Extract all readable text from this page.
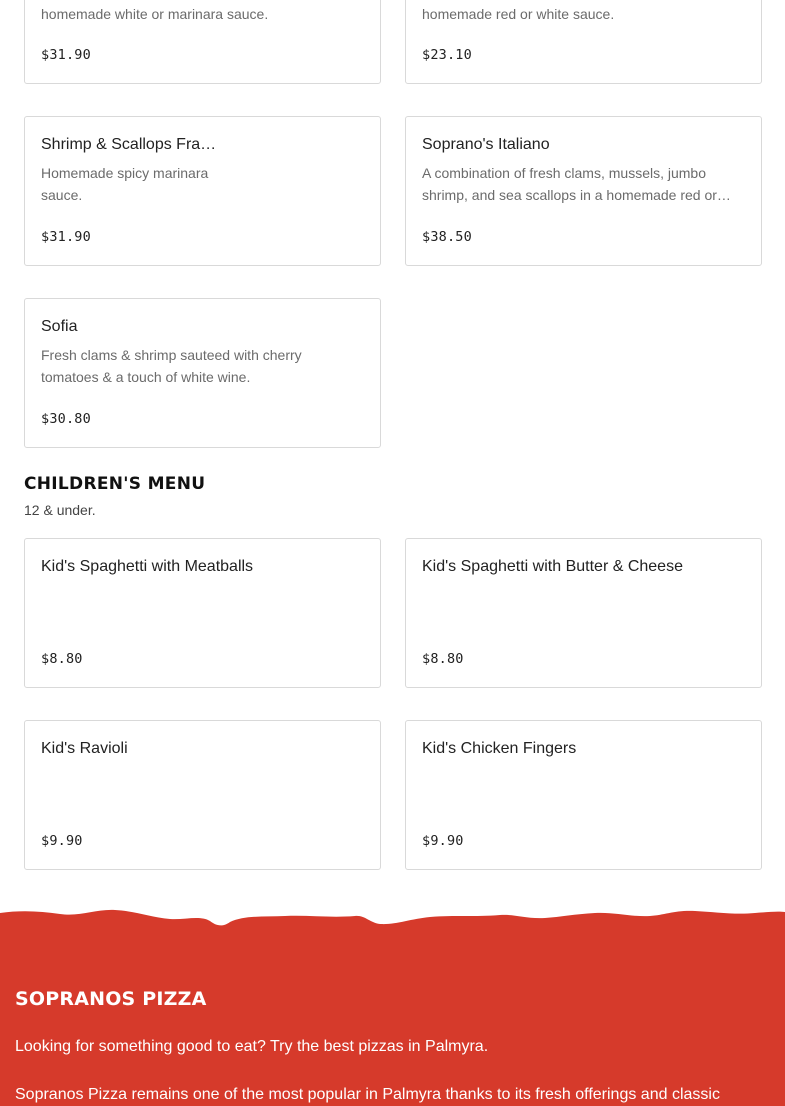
homemade white or marinara sauce.
$31.90
homemade red or white sauce.
$23.10
Shrimp & Scallops Fra…
Homemade spicy marinara sauce.
$31.90
Soprano's Italiano
A combination of fresh clams, mussels, jumbo shrimp, and sea scallops in a homemade red or…
$38.50
Sofia
Fresh clams & shrimp sauteed with cherry tomatoes & a touch of white wine.
$30.80
CHILDREN'S MENU
12 & under.
Kid's Spaghetti with Meatballs
$8.80
Kid's Spaghetti with Butter & Cheese
$8.80
Kid's Ravioli
$9.90
Kid's Chicken Fingers
$9.90
SOPRANOS PIZZA
Looking for something good to eat? Try the best pizzas in Palmyra.
Sopranos Pizza remains one of the most popular in Palmyra thanks to its fresh offerings and classic
